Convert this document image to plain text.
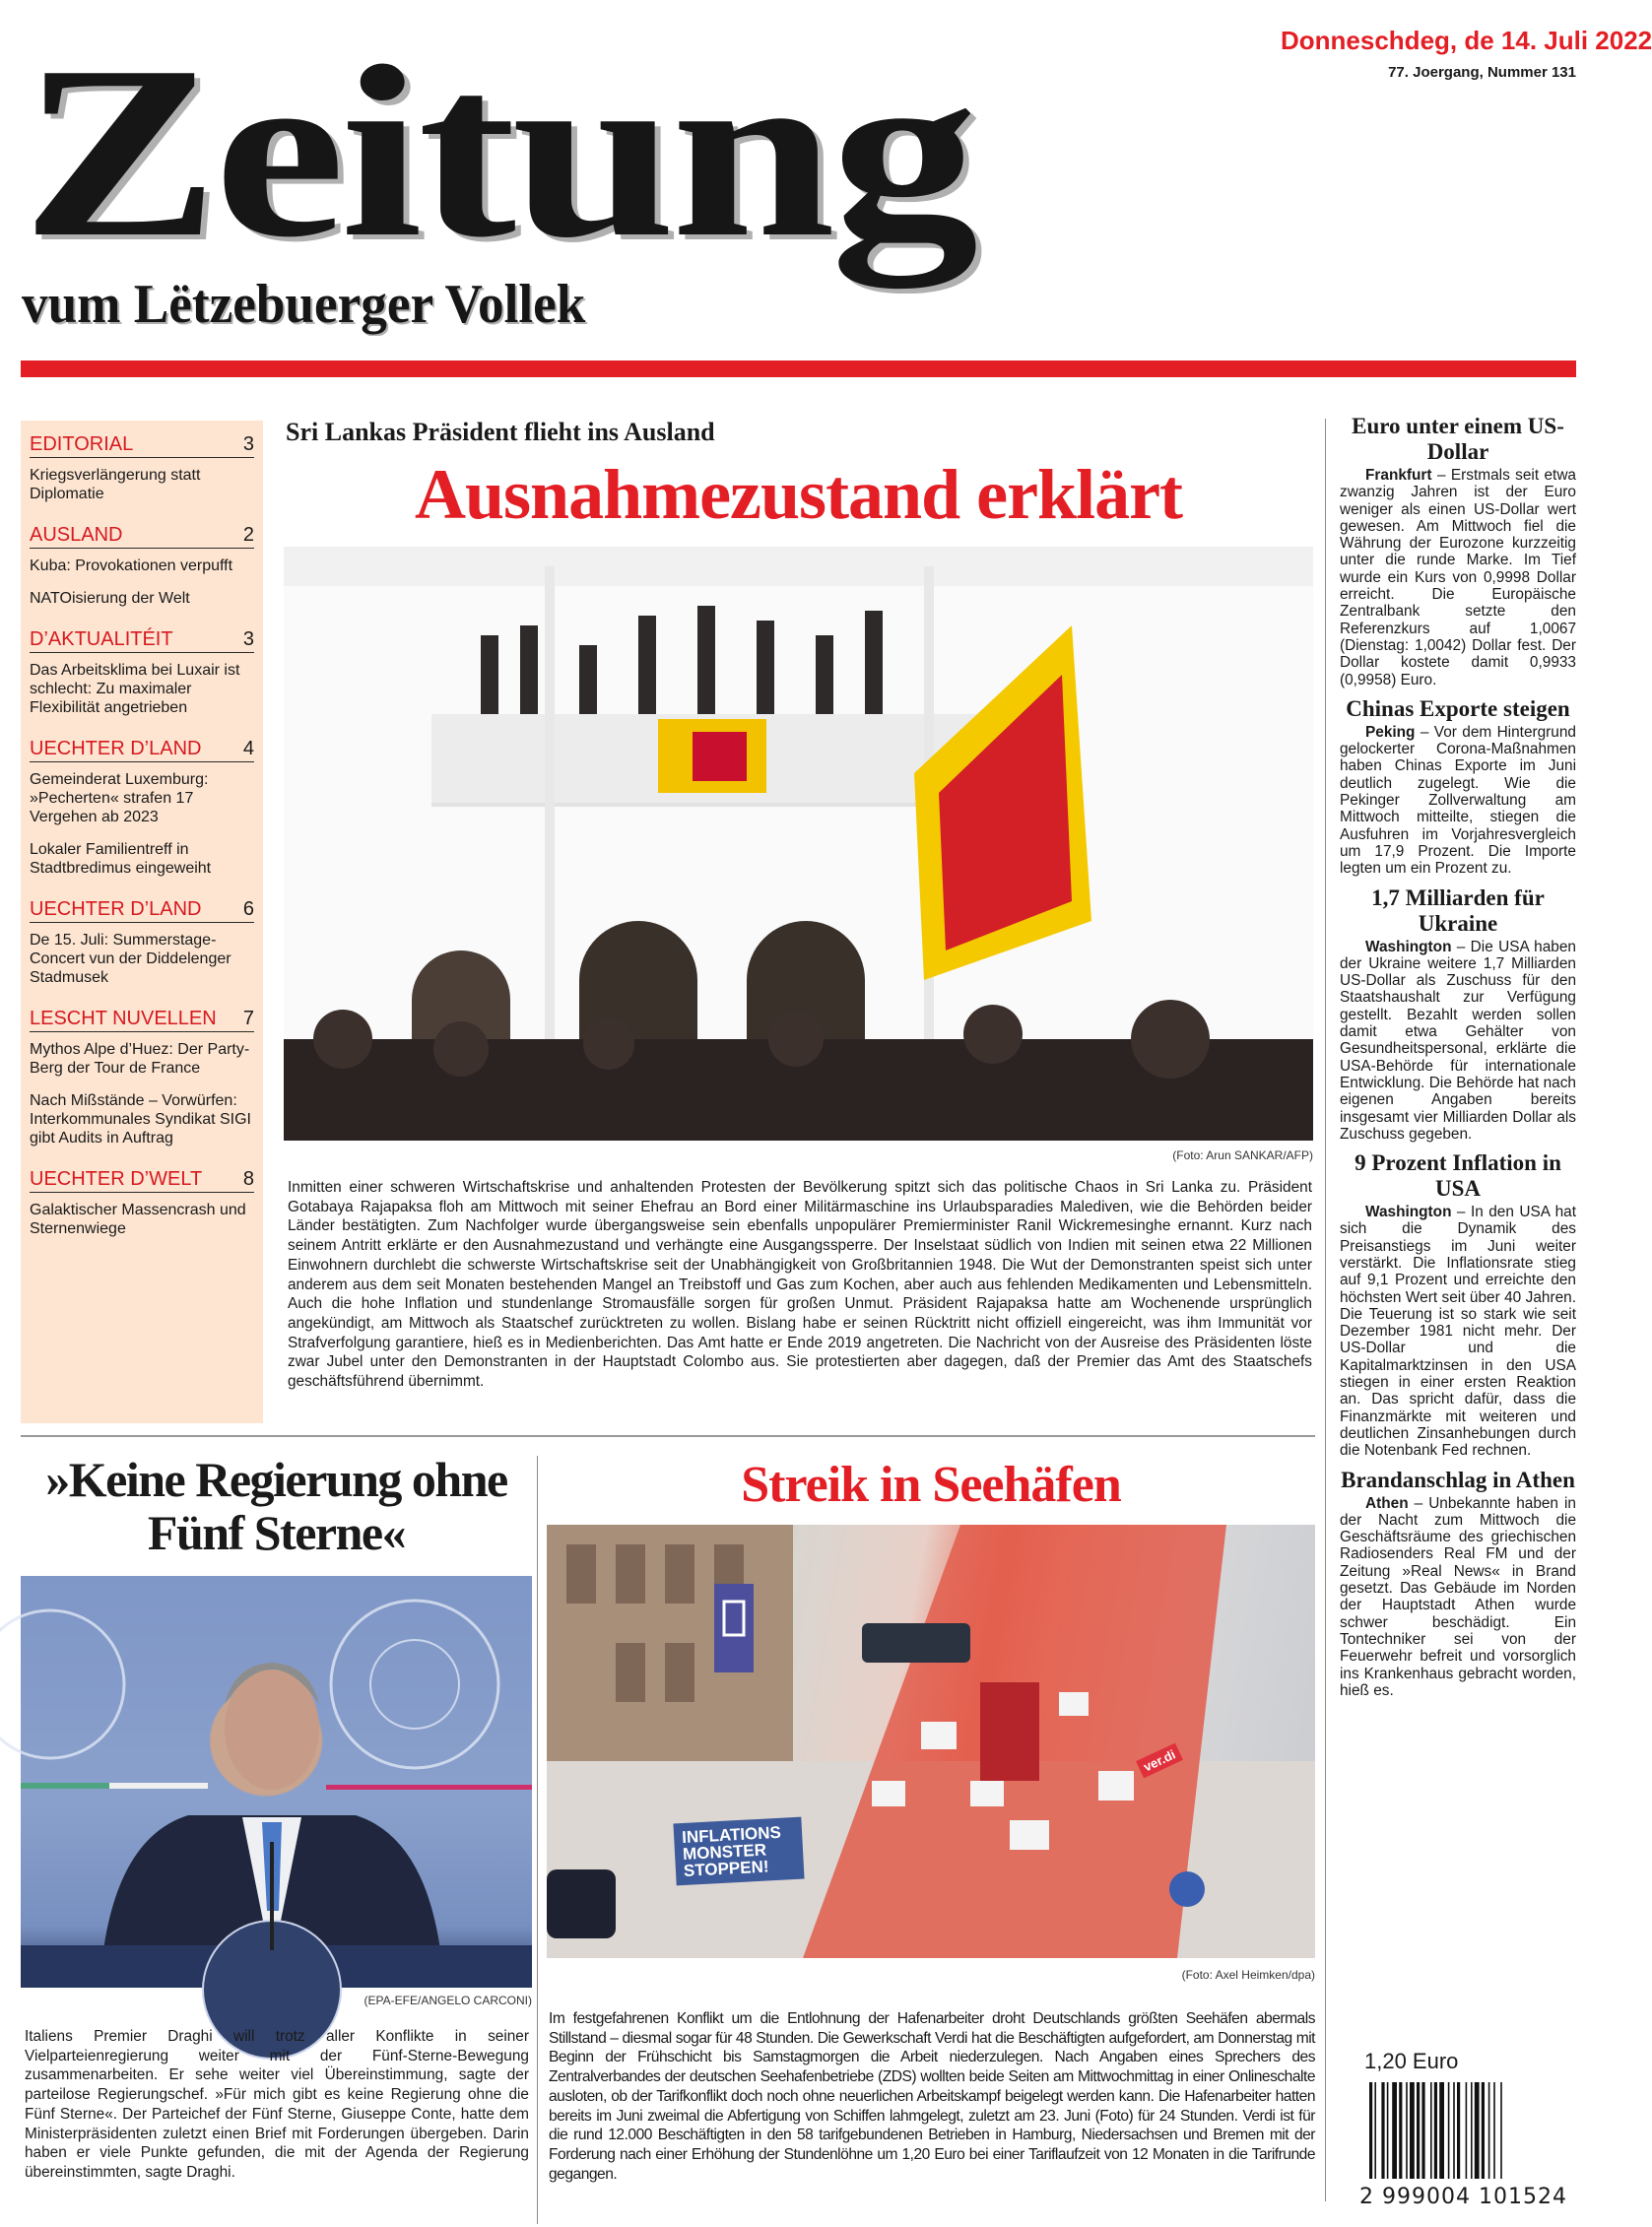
Zeitung
vum Lëtzebuerger Vollek
Donneschdeg, de 14. Juli 2022
77. Joergang, Nummer 131
EDITORIAL	3
Kriegsverlängerung statt Diplomatie
AUSLAND	2
Kuba: Provokationen verpufft
NATOisierung der Welt
D’AKTUALITÉIT	3
Das Arbeitsklima bei Luxair ist schlecht: Zu maximaler Flexibilität angetrieben
UECHTER D’LAND 4
Gemeinderat Luxemburg: »Pecherten« strafen 17 Vergehen ab 2023
Lokaler Familientreff in Stadtbredimus eingeweiht
UECHTER D’LAND 6
De 15. Juli: Summerstage-Concert vun der Diddelenger Stadmusek
LESCHT NUVELLEN 7
Mythos Alpe d’Huez: Der Party-Berg der Tour de France
Nach Mißstände – Vorwürfen: Interkommunales Syndikat SIGI gibt Audits in Auftrag
UECHTER D’WELT 8
Galaktischer Massencrash und Sternenwiege
Sri Lankas Präsident flieht ins Ausland
Ausnahmezustand erklärt
(Foto: Arun SANKAR/AFP)
Inmitten einer schweren Wirtschaftskrise und anhaltenden Protesten der Bevölkerung spitzt sich das politische Chaos in Sri Lanka zu. Präsident Gotabaya Rajapaksa floh am Mittwoch mit seiner Ehefrau an Bord einer Militärmaschine ins Urlaubsparadies Malediven, wie die Behörden beider Länder bestätigten. Zum Nachfolger wurde übergangsweise sein ebenfalls unpopulärer Premierminister Ranil Wickremesinghe ernannt. Kurz nach seinem Antritt erklärte er den Ausnahmezustand und verhängte eine Ausgangssperre. Der Inselstaat südlich von Indien mit seinen etwa 22 Millionen Einwohnern durchlebt die schwerste Wirtschaftskrise seit der Unabhängigkeit von Großbritannien 1948. Die Wut der Demonstranten speist sich unter anderem aus dem seit Monaten bestehenden Mangel an Treibstoff und Gas zum Kochen, aber auch aus fehlenden Medikamenten und Lebensmitteln. Auch die hohe Inflation und stundenlange Stromausfälle sorgen für großen Unmut. Präsident Rajapaksa hatte am Wochenende ursprünglich angekündigt, am Mittwoch als Staatschef zurücktreten zu wollen. Bislang habe er seinen Rücktritt nicht offiziell eingereicht, was ihm Immunität vor Strafverfolgung garantiere, hieß es in Medienberichten. Das Amt hatte er Ende 2019 angetreten. Die Nachricht von der Ausreise des Präsidenten löste zwar Jubel unter den Demonstranten in der Hauptstadt Colombo aus. Sie protestierten aber dagegen, daß der Premier das Amt des Staatschefs geschäftsführend übernimmt.
Euro unter einem US-Dollar
Frankfurt – Erstmals seit etwa zwanzig Jahren ist der Euro weniger als einen US-Dollar wert gewesen. Am Mittwoch fiel die Währung der Eurozone kurzzeitig unter die runde Marke. Im Tief wurde ein Kurs von 0,9998 Dollar erreicht. Die Europäische Zentralbank setzte den Referenzkurs auf 1,0067 (Dienstag: 1,0042) Dollar fest. Der Dollar kostete damit 0,9933 (0,9958) Euro.
Chinas Exporte steigen
Peking – Vor dem Hintergrund gelockerter Corona-Maßnahmen haben Chinas Exporte im Juni deutlich zugelegt. Wie die Pekinger Zollverwaltung am Mittwoch mitteilte, stiegen die Ausfuhren im Vorjahresvergleich um 17,9 Prozent. Die Importe legten um ein Prozent zu.
1,7 Milliarden für Ukraine
Washington – Die USA haben der Ukraine weitere 1,7 Milliarden US-Dollar als Zuschuss für den Staatshaushalt zur Verfügung gestellt. Bezahlt werden sollen damit etwa Gehälter von Gesundheitspersonal, erklärte die USA-Behörde für internationale Entwicklung. Die Behörde hat nach eigenen Angaben bereits insgesamt vier Milliarden Dollar als Zuschuss gegeben.
9 Prozent Inflation in USA
Washington – In den USA hat sich die Dynamik des Preisanstiegs im Juni weiter verstärkt. Die Inflationsrate stieg auf 9,1 Prozent und erreichte den höchsten Wert seit über 40 Jahren. Die Teuerung ist so stark wie seit Dezember 1981 nicht mehr. Der US-Dollar und die Kapitalmarktzinsen in den USA stiegen in einer ersten Reaktion an. Das spricht dafür, dass die Finanzmärkte mit weiteren und deutlichen Zinsanhebungen durch die Notenbank Fed rechnen.
Brandanschlag in Athen
Athen – Unbekannte haben in der Nacht zum Mittwoch die Geschäftsräume des griechischen Radiosenders Real FM und der Zeitung »Real News« in Brand gesetzt. Das Gebäude im Norden der Hauptstadt Athen wurde schwer beschädigt. Ein Tontechniker sei von der Feuerwehr befreit und vorsorglich ins Krankenhaus gebracht worden, hieß es.
1,20 Euro
2 999004 101524
»Keine Regierung ohne Fünf Sterne«
(EPA-EFE/ANGELO CARCONI)
Italiens Premier Draghi will trotz aller Konflikte in seiner Vielparteienregierung weiter mit der Fünf-Sterne-Bewegung zusammenarbeiten. Er sehe weiter viel Übereinstimmung, sagte der parteilose Regierungschef. »Für mich gibt es keine Regierung ohne die Fünf Sterne«. Der Parteichef der Fünf Sterne, Giuseppe Conte, hatte dem Ministerpräsidenten zuletzt einen Brief mit Forderungen übergeben. Darin haben er viele Punkte gefunden, die mit der Agenda der Regierung übereinstimmten, sagte Draghi.
Streik in Seehäfen
INFLATIONS MONSTER STOPPEN!
ver.di
(Foto: Axel Heimken/dpa)
Im festgefahrenen Konflikt um die Entlohnung der Hafenarbeiter droht Deutschlands größten Seehäfen abermals Stillstand – diesmal sogar für 48 Stunden. Die Gewerkschaft Verdi hat die Beschäftigten aufgefordert, am Donnerstag mit Beginn der Frühschicht bis Samstagmorgen die Arbeit niederzulegen. Nach Angaben eines Sprechers des Zentralverbandes der deutschen Seehafenbetriebe (ZDS) wollten beide Seiten am Mittwochmittag in einer Onlineschalte ausloten, ob der Tarifkonflikt doch noch ohne neuerlichen Arbeitskampf beigelegt werden kann. Die Hafenarbeiter hatten bereits im Juni zweimal die Abfertigung von Schiffen lahmgelegt, zuletzt am 23. Juni (Foto) für 24 Stunden. Verdi ist für die rund 12.000 Beschäftigten in den 58 tarifgebundenen Betrieben in Hamburg, Niedersachsen und Bremen mit der Forderung nach einer Erhöhung der Stundenlöhne um 1,20 Euro bei einer Tariflaufzeit von 12 Monaten in die Tarifrunde gegangen.
